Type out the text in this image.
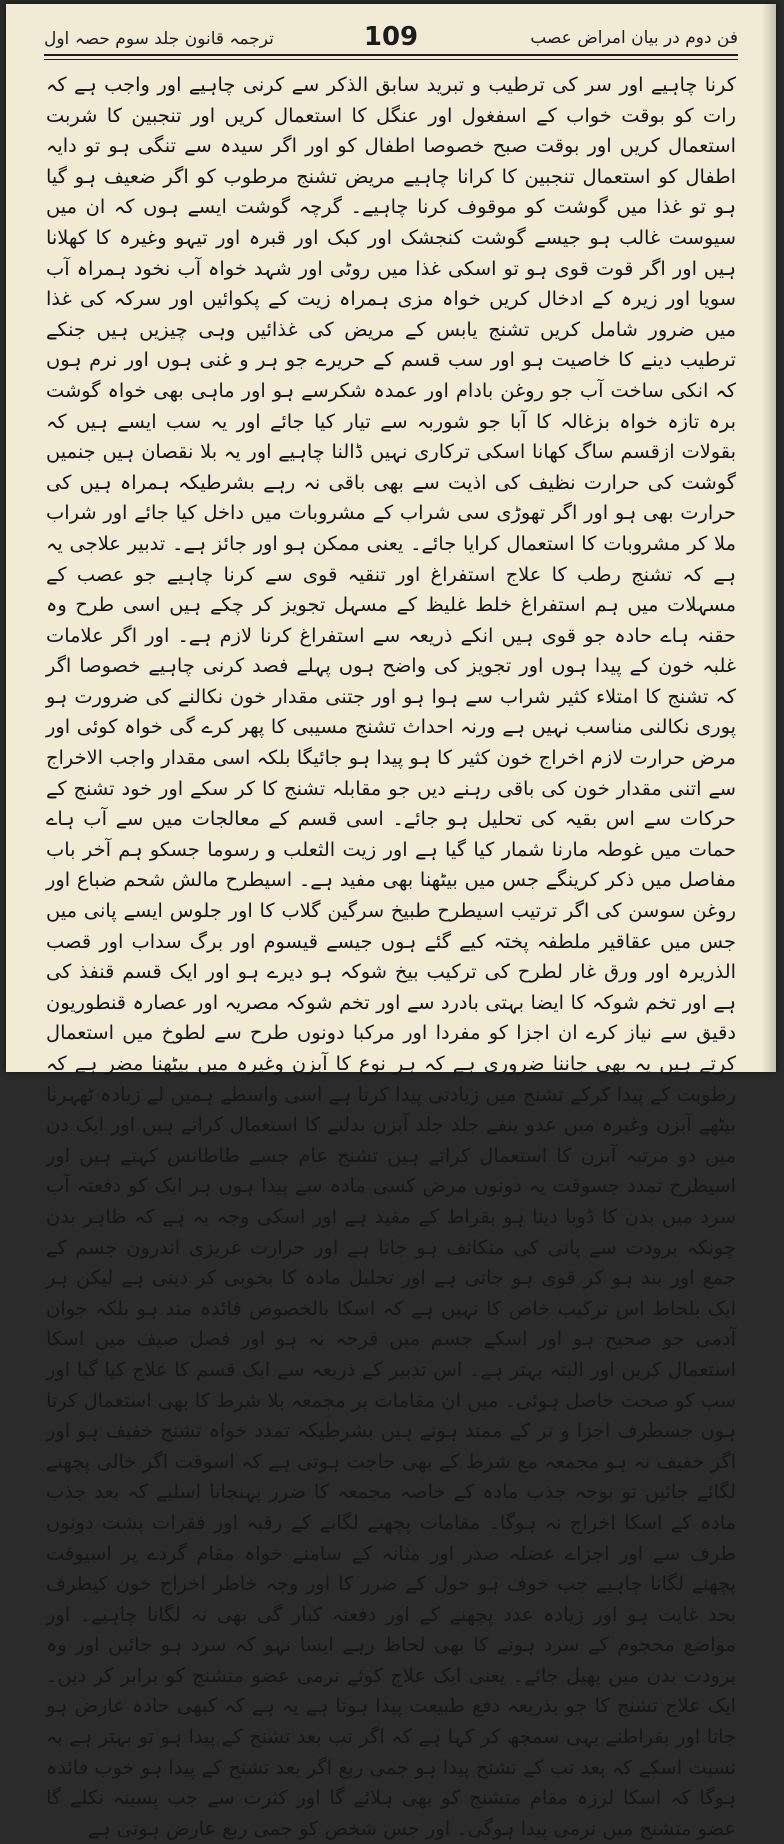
ترجمہ قانون جلد سوم حصہ اول	109	فن دوم در بیان امراض عصب

کرنا چاہیے اور سر کی ترطیب و تبرید سابق الذکر سے کرنی چاہیے اور واجب ہے کہ رات کو بوقت خواب کے اسفغول اور عنگل کا استعمال کریں اور تنجبین کا شربت استعمال کریں اور بوقت صبح خصوصا اطفال کو اور اگر سیدہ سے تنگی ہو تو دایہ اطفال کو استعمال تنجبین کا کرانا چاہیے مریض تشنج مرطوب کو اگر ضعیف ہو گیا ہو تو غذا میں گوشت کو موقوف کرنا چاہیے۔ گرچہ گوشت ایسے ہوں کہ ان میں سیوست غالب ہو جیسے گوشت کنجشک اور کبک اور قبرہ اور تیہو وغیرہ کا کھلانا ہیں اور اگر قوت قوی ہو تو اسکی غذا میں روٹی اور شہد خواہ آب نخود ہمراہ آب سویا اور زیرہ کے ادخال کریں خواہ مزی ہمراہ زیت کے پکوائیں اور سرکہ کی غذا میں ضرور شامل کریں تشنج یابس کے مریض کی غذائیں وہی چیزیں ہیں جنکے ترطیب دینے کا خاصیت ہو اور سب قسم کے حریرے جو ہر و غنی ہوں اور نرم ہوں کہ انکی ساخت آب جو روغن بادام اور عمدہ شکرسے ہو اور ماہی بھی خواہ گوشت برہ تازہ خواہ بزغالہ کا آبا جو شوربہ سے تیار کیا جائے اور یہ سب ایسے ہیں کہ بقولات ازقسم ساگ کھانا اسکی ترکاری نہیں ڈالنا چاہیے اور یہ بلا نقصان ہیں جنمیں گوشت کی حرارت نظیف کی اذیت سے بھی باقی نہ رہے بشرطیکہ ہمراہ ہیں کی حرارت بھی ہو اور اگر تھوڑی سی شراب کے مشروبات میں داخل کیا جائے اور شراب ملا کر مشروبات کا استعمال کرایا جائے۔ یعنی ممکن ہو اور جائز ہے۔ تدبیر علاجی یہ ہے کہ تشنج رطب کا علاج استفراغ اور تنقیہ قوی سے کرنا چاہیے جو عصب کے مسہلات میں ہم استفراغ خلط غلیظ کے مسہل تجویز کر چکے ہیں اسی طرح وہ حقنہ ہاے حادہ جو قوی ہیں انکے ذریعہ سے استفراغ کرنا لازم ہے۔ اور اگر علامات غلبہ خون کے پیدا ہوں اور تجویز کی واضح ہوں پہلے فصد کرنی چاہیے خصوصا اگر کہ تشنج کا امتلاء کثیر شراب سے ہوا ہو اور جتنی مقدار خون نکالنے کی ضرورت ہو پوری نکالنی مناسب نہیں ہے ورنہ احداث تشنج مسیبی کا پھر کرے گی خواہ کوئی اور مرض حرارت لازم اخراج خون کثیر کا ہو پیدا ہو جائیگا بلکہ اسی مقدار واجب الاخراج سے اتنی مقدار خون کی باقی رہنے دیں جو مقابلہ تشنج کا کر سکے اور خود تشنج کے حرکات سے اس بقیہ کی تحلیل ہو جائے۔ اسی قسم کے معالجات میں سے آب ہاے حمات میں غوطہ مارنا شمار کیا گیا ہے اور زیت الثعلب و رسوما جسکو ہم آخر باب مفاصل میں ذکر کرینگے جس میں بیٹھنا بھی مفید ہے۔ اسیطرح مالش شحم ضباع اور روغن سوسن کی اگر ترتیب اسیطرح طبیخ سرگین گلاب کا اور جلوس ایسے پانی میں جس میں عقاقیر ملطفہ پختہ کیے گئے ہوں جیسے قیسوم اور برگ سداب اور قصب الذریرہ اور ورق غار لطرح کی ترکیب بیخ شوکہ ہو دیرے ہو اور ایک قسم قنفذ کی ہے اور تخم شوکہ کا ایضا بہتی بادرد سے اور تخم شوکہ مصریہ اور عصارہ قنطوریون دقیق سے نیاز کرے ان اجزا کو مفردا اور مرکبا دونوں طرح سے لطوخ میں استعمال کرتے ہیں یہ بھی جاننا ضروری ہے کہ ہر نوع کا آبزن وغیرہ میں بیٹھنا مضر ہے کہ رطوبت کے پیدا کرکے تشنج میں زیادتی پیدا کرتا ہے اسی واسطے ہمیں لے زیادہ ٹھہرنا بیٹھے آبزن وغیرہ میں عدو ینفے جلد جلد آبزن بدلنے کا استعمال کراتے ہیں اور ایک دن میں دو مرتبہ آبزن کا استعمال کراتے ہیں تشنج عام جسے طاطانس کہتے ہیں اور اسیطرح تمدد جسوقت یہ دونوں مرض کسی مادہ سے پیدا ہوں ہر ایک کو دفعتہ آب سرد میں بدن کا ڈوبا دینا ہو بقراط کے مفید ہے اور اسکی وجہ یہ ہے کہ ظاہر بدن چونکہ برودت سے پانی کی منکاثف ہو جاتا ہے اور حرارت غریزی اندرون جسم کے جمع اور بند ہو کر قوی ہو جاتی ہے اور تحلیل مادہ کا بخوبی کر دیتی ہے لیکن ہر ایک بلحاظ اس ترکیب خاص کا نہیں ہے کہ اسکا بالخصوص فائدہ مند ہو بلکہ جوان آدمی جو صحیح ہو اور اسکے جسم میں قرحہ نہ ہو اور فصل صیف میں اسکا استعمال کریں اور البتہ بہتر ہے۔ اس تدبیر کے ذریعہ سے ایک قسم کا علاج کیا گیا اور سب کو صحت حاصل ہوئی۔ میں ان مقامات پر مجمعہ بلا شرط کا بھی استعمال کرتا ہوں جسطرف اجزا و تر کے ممتد ہوتے ہیں بشرطیکہ تمدد خواہ تشنج خفیف ہو اور اگر خفیف نہ ہو مجمعہ مع شرط کے بھی حاجت ہوتی ہے کہ اسوقت اگر خالی پچھنے لگائے جائیں تو بوجہ جذب مادہ کے خاصہ مجمعہ کا ضرر پہنچانا اسلیے کہ بعد جذب مادہ کے اسکا اخراج نہ ہوگا۔ مقامات پچھنے لگانے کے رقبہ اور فقرات پشت دونوں طرف سے اور اجزاے عضلہ صدر اور مثانہ کے سامنے خواہ مقام گردے پر اسیوقت پچھنے لگانا چاہیے جب خوف ہو حول کے ضرر کا اور وجہ خاطر اخراج خون کیطرف بحد غایت ہو اور زیادہ عدد پچھنے کے اور دفعتہ کبار گی بھی نہ لگانا چاہیے۔ اور مواضع محجوم کے سرد ہونے کا بھی لحاظ رہے ایسا نہو کہ سرد ہو جائیں اور وہ برودت بدن میں پھیل جائے۔ یعنی ایک علاج کوئے نرمی عضو متشنج کو برابر کر دیں۔ ایک علاج تشنج کا جو بذریعہ دفع طبیعت پیدا ہوتا ہے یہ ہے کہ کبھی حادہ عارض ہو جاتا اور بقراطنے یہی سمجھ کر کہا ہے کہ اگر تب بعد تشنج کے پیدا ہو تو بہتر ہے بہ نسبت اسکے کہ بعد تب کے تشنج پیدا ہو جمی ربع اگر بعد تشنج کے پیدا ہو خوب فائدہ ہوگا کہ اسکا لرزہ مقام متشنج کو بھی ہلائے گا اور کثرت سے جب پسینہ نکلے گا عضو متشنج میں نرمی پیدا ہوگی۔ اور جس شخص کو جمی ربع عارض ہوتی ہے
